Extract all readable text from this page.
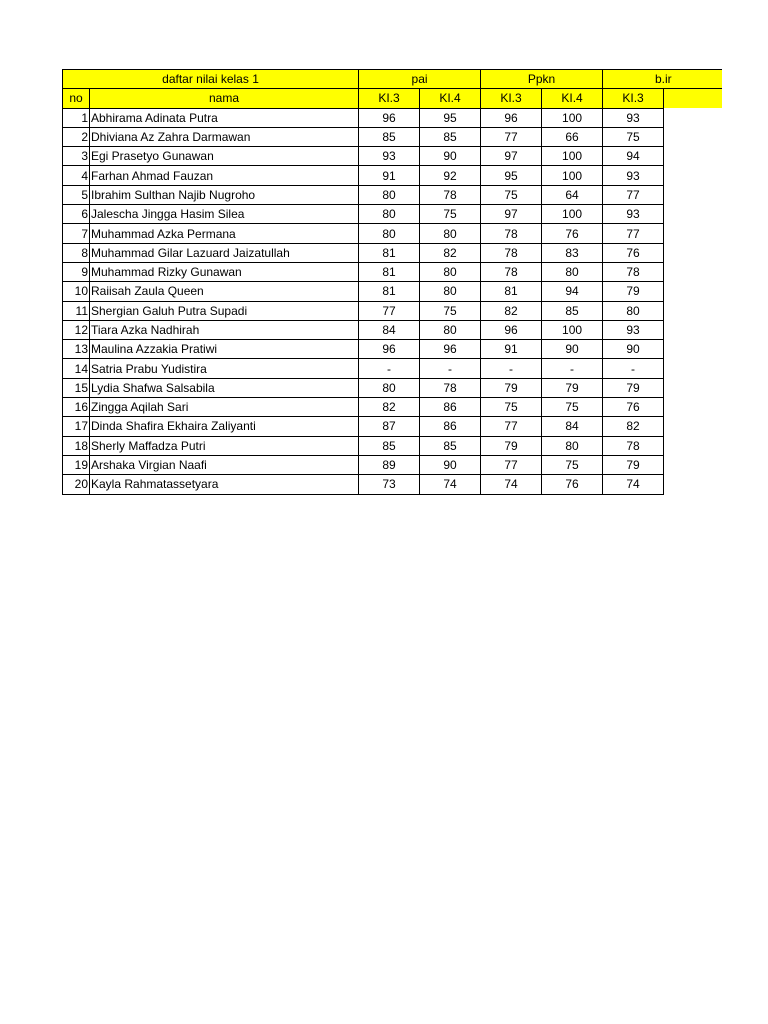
daftar nilai kelas 1		pai		Ppkn		b.ir	
no	nama	KI.3	KI.4	KI.3	KI.4	KI.3	
1	Abhirama Adinata Putra	96	95	96	100	93	
2	Dhiviana Az Zahra Darmawan	85	85	77	66	75	
3	Egi Prasetyo Gunawan	93	90	97	100	94	
4	Farhan Ahmad Fauzan	91	92	95	100	93	
5	Ibrahim Sulthan Najib Nugroho	80	78	75	64	77	
6	Jalescha Jingga Hasim Silea	80	75	97	100	93	
7	Muhammad Azka Permana	80	80	78	76	77	
8	Muhammad Gilar Lazuard Jaizatullah	81	82	78	83	76	
9	Muhammad Rizky Gunawan	81	80	78	80	78	
10	Raiisah Zaula Queen	81	80	81	94	79	
11	Shergian Galuh Putra Supadi	77	75	82	85	80	
12	Tiara Azka Nadhirah	84	80	96	100	93	
13	Maulina Azzakia Pratiwi	96	96	91	90	90	
14	Satria Prabu Yudistira	-	-	-	-	-	
15	Lydia Shafwa Salsabila	80	78	79	79	79	
16	Zingga Aqilah Sari	82	86	75	75	76	
17	Dinda Shafira Ekhaira Zaliyanti	87	86	77	84	82	
18	Sherly Maffadza Putri	85	85	79	80	78	
19	Arshaka Virgian Naafi	89	90	77	75	79	
20	Kayla Rahmatassetyara	73	74	74	76	74	
